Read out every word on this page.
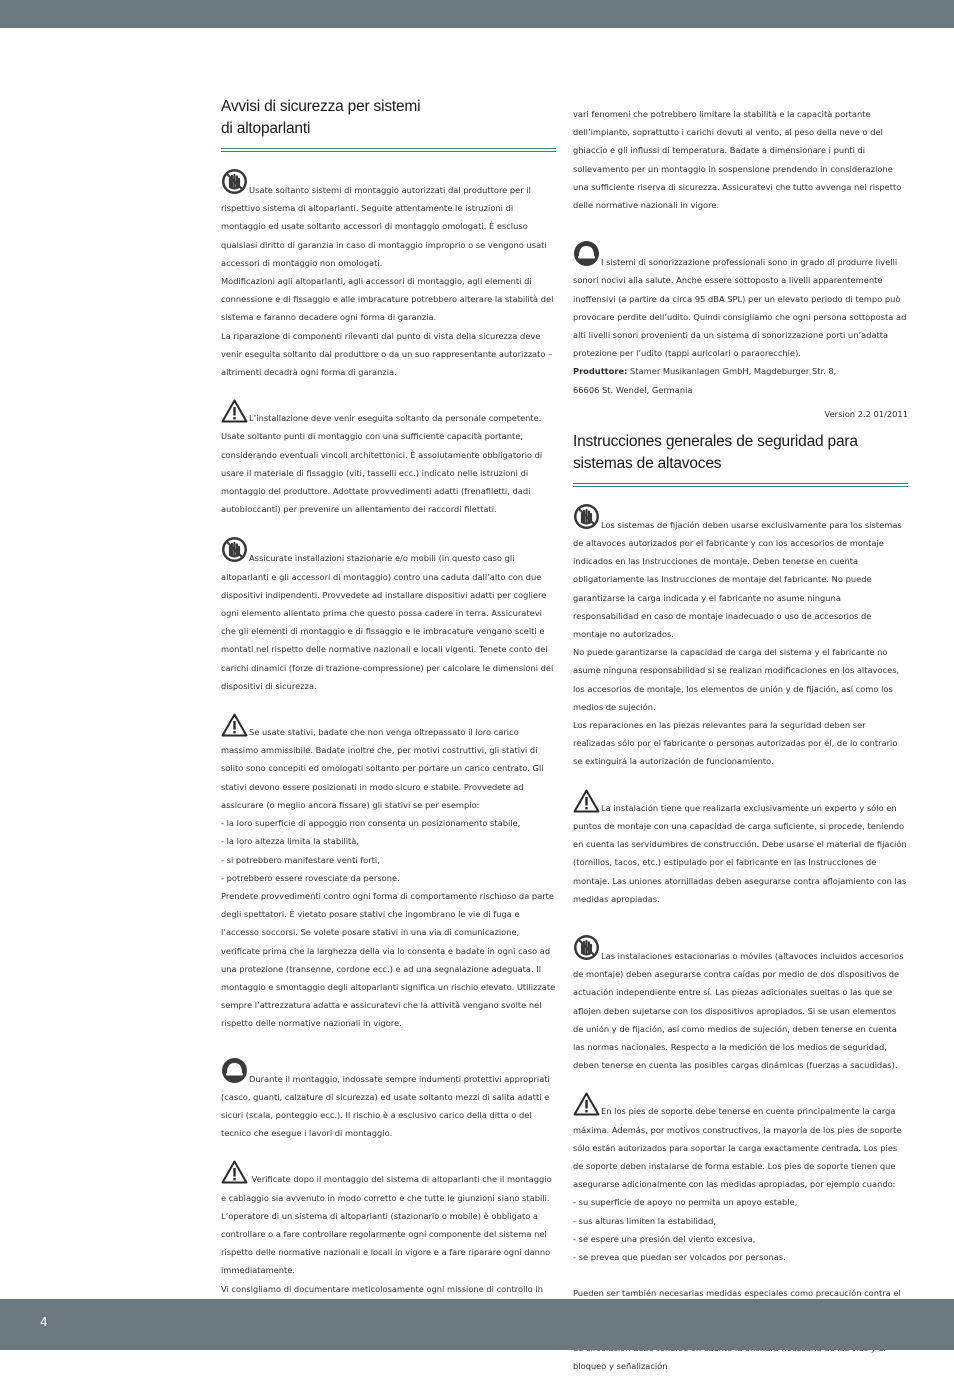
Avvisi di sicurezza per sistemi
di altoparlanti

Usate soltanto sistemi di montaggio autorizzati dal produttore per il rispettivo sistema di altoparlanti. Seguite attentamente le istruzioni di montaggio ed usate soltanto accessori di montaggio omologati. È escluso qualsiasi diritto di garanzia in caso di montaggio improprio o se vengono usati accessori di montaggio non omologati.

Modificazioni agli altoparlanti, agli accessori di montaggio, agli elementi di connessione e di fissaggio e alle imbracature potrebbero alterare la stabilità del sistema e faranno decadere ogni forma di garanzia.

La riparazione di componenti rilevanti dal punto di vista della sicurezza deve venir eseguita soltanto dal produttore o da un suo rappresentante autorizzato – altrimenti decadrà ogni forma di garanzia.

L’installazione deve venir eseguita soltanto da personale competente. Usate soltanto punti di montaggio con una sufficiente capacità portante, considerando eventuali vincoli architettonici. È assolutamente obbligatorio di usare il materiale di fissaggio (viti, tasselli ecc.) indicato nelle istruzioni di montaggio del produttore. Adottate provvedimenti adatti (frenafiletti, dadi autobloccanti) per prevenire un allentamento dei raccordi filettati.

Assicurate installazioni stazionarie e/o mobili (in questo caso gli altoparlanti e gli accessori di montaggio) contro una caduta dall’alto con due dispositivi indipendenti. Provvedete ad installare dispositivi adatti per cogliere ogni elemento allentato prima che questo possa cadere in terra. Assicuratevi che gli elementi di montaggio e di fissaggio e le imbracature vengano scelti e montati nel rispetto delle normative nazionali e locali vigenti. Tenete conto dei carichi dinamici (forze di trazione-compressione) per calcolare le dimensioni dei dispositivi di sicurezza.

Se usate stativi, badate che non venga oltrepassato il loro carico massimo ammissibile. Badate inoltre che, per motivi costruttivi, gli stativi di solito sono concepiti ed omologati soltanto per portare un carico centrato. Gli stativi devono essere posizionati in modo sicuro e stabile. Provvedete ad assicurare (o meglio ancora fissare) gli stativi se per esempio:

- la loro superficie di appoggio non consenta un posizionamento stabile,

- la loro altezza limita la stabilità,

- si potrebbero manifestare venti forti,

- potrebbero essere rovesciate da persone.

Prendete provvedimenti contro ogni forma di comportamento rischioso da parte degli spettatori. È vietato posare stativi che ingombrano le vie di fuga e l’accesso soccorsi. Se volete posare stativi in una via di comunicazione, verificate prima che la larghezza della via lo consenta e badate in ogni caso ad una protezione (transenne, cordone ecc.) e ad una segnalazione adeguata. Il montaggio e smontaggio degli altoparlanti significa un rischio elevato. Utilizzate sempre l’attrezzatura adatta e assicuratevi che la attività vengano svolte nel rispetto delle normative nazionali in vigore.

Durante il montaggio, indossate sempre indumenti protettivi appropriati (casco, guanti, calzature di sicurezza) ed usate soltanto mezzi di salita adatti e sicuri (scala, ponteggio ecc.). Il rischio è a esclusivo carico della ditta o del tecnico che esegue i lavori di montaggio.

Verificate dopo il montaggio del sistema di altoparlanti che il montaggio e cablaggio sia avvenuto in modo corretto e che tutte le giunzioni siano stabili.

L’operatore di un sistema di altoparlanti (stazionario o mobile) è obbligato a controllare o a fare controllare regolarmente ogni componente del sistema nel rispetto delle normative nazionali e locali in vigore e a fare riparare ogni danno immediatamente.

Vi consigliamo di documentare meticolosamente ogni missione di controllo in

vari fenomeni che potrebbero limitare la stabilità e la capacità portante dell’impianto, soprattutto i carichi dovuti al vento, al peso della neve o del ghiaccio e gli influssi di temperatura. Badate a dimensionare i punti di sollevamento per un montaggio in sospensione prendendo in considerazione una sufficiente riserva di sicurezza. Assicuratevi che tutto avvenga nel rispetto delle normative nazionali in vigore.

I sistemi di sonorizzazione professionali sono in grado di produrre livelli sonori nocivi alla salute. Anche essere sottoposto a livelli apparentemente inoffensivi (a partire da circa 95 dBA SPL) per un elevato periodo di tempo può provocare perdite dell’udito. Quindi consigliamo che ogni persona sottoposta ad alti livelli sonori provenienti da un sistema di sonorizzazione porti un’adatta protezione per l’udito (tappi auricolari o paraorecchie).

Produttore: Stamer Musikanlagen GmbH, Magdeburger Str. 8,

66606 St. Wendel, Germania

Version 2.2 01/2011

Instrucciones generales de seguridad para sistemas de altavoces

Los sistemas de fijación deben usarse exclusivamente para los sistemas de altavoces autorizados por el fabricante y con los accesorios de montaje indicados en las Instrucciones de montaje. Deben tenerse en cuenta obligatoriamente las Instrucciones de montaje del fabricante. No puede garantizarse la carga indicada y el fabricante no asume ninguna responsabilidad en caso de montaje inadecuado o uso de accesorios de montaje no autorizados.

No puede garantizarse la capacidad de carga del sistema y el fabricante no asume ninguna responsabilidad si se realizan modificaciones en los altavoces, los accesorios de montaje, los elementos de unión y de fijación, así como los medios de sujeción.

Los reparaciones en las piezas relevantes para la seguridad deben ser realizadas sólo por el fabricante o personas autorizadas por él, de lo contrario se extinguirá la autorización de funcionamiento.

La instalación tiene que realizarla exclusivamente un experto y sólo en puntos de montaje con una capacidad de carga suficiente, si procede, teniendo en cuenta las servidumbres de construcción. Debe usarse el material de fijación (tornillos, tacos, etc.) estipulado por el fabricante en las Instrucciones de montaje. Las uniones atornilladas deben asegurarse contra aflojamiento con las medidas apropiadas.

Las instalaciones estacionarias o móviles (altavoces incluidos accesorios de montaje) deben asegurarse contra caídas por medio de dos dispositivos de actuación independiente entre sí. Las piezas adicionales sueltas o las que se aflojen deben sujetarse con los dispositivos apropiados. Si se usan elementos de unión y de fijación, así como medios de sujeción, deben tenerse en cuenta las normas nacionales. Respecto a la medición de los medios de seguridad, deben tenerse en cuenta las posibles cargas dinámicas (fuerzas a sacudidas).

En los pies de soporte debe tenerse en cuenta principalmente la carga máxima. Además, por motivos constructivos, la mayoría de los pies de soporte sólo están autorizados para soportar la carga exactamente centrada. Los pies de soporte deben instalarse de forma estable. Los pies de soporte tienen que asegurarse adicionalmente con las medidas apropiadas, por ejemplo cuando:

- su superficie de apoyo no permita un apoyo estable,

- sus alturas limiten la estabilidad,

- se espere una presión del viento excesiva,

- se prevea que puedan ser volcados por personas.

Pueden ser también necesarias medidas especiales como precaución contra el bloqueo y señalización

4
